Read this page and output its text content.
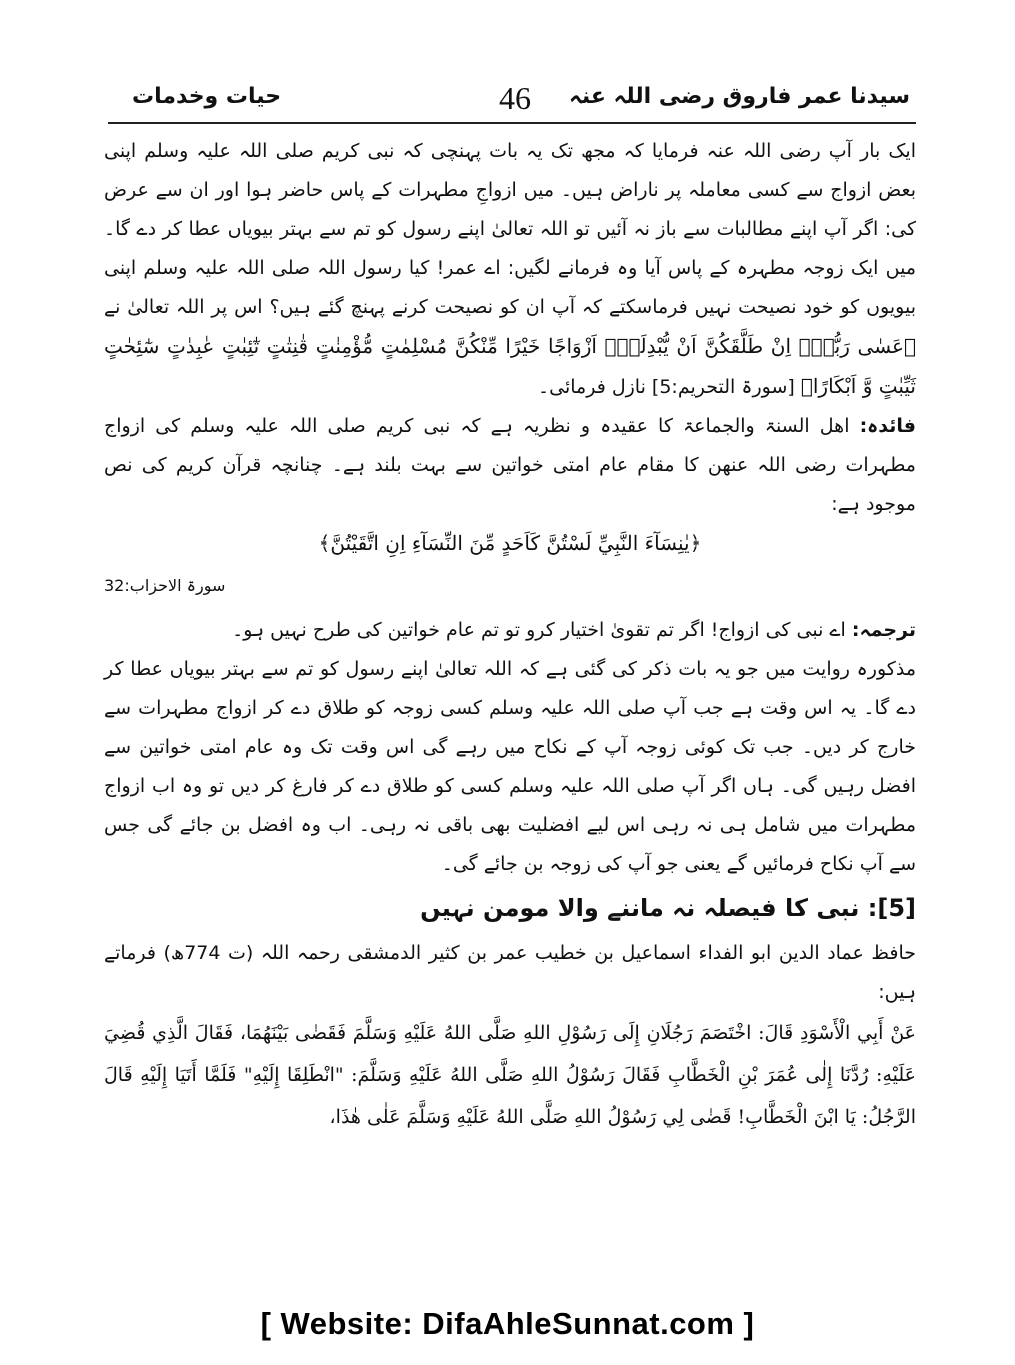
سیدنا عمر فاروق رضی اللہ عنہ
46
حیات وخدمات

ایک بار آپ رضی اللہ عنہ فرمایا کہ مجھ تک یہ بات پہنچی کہ نبی کریم صلی اللہ علیہ وسلم اپنی بعض ازواج سے کسی معاملہ پر ناراض ہیں۔ میں ازواجِ مطہرات کے پاس حاضر ہوا اور ان سے عرض کی: اگر آپ اپنے مطالبات سے باز نہ آئیں تو اللہ تعالیٰ اپنے رسول کو تم سے بہتر بیویاں عطا کر دے گا۔ میں ایک زوجہ مطہرہ کے پاس آیا وہ فرمانے لگیں: اے عمر! کیا رسول اللہ صلی اللہ علیہ وسلم اپنی بیویوں کو خود نصیحت نہیں فرماسکتے کہ آپ ان کو نصیحت کرنے پہنچ گئے ہیں؟ اس پر اللہ تعالیٰ نے ﴿عَسٰى رَبُّهٗۤ اِنْ طَلَّقَكُنَّ اَنْ يُّبْدِلَهٗۤ اَزْوَاجًا خَيْرًا مِّنْكُنَّ مُسْلِمٰتٍ مُّؤْمِنٰتٍ قٰنِتٰتٍ تٰٓئِبٰتٍ عٰبِدٰتٍ سٰٓئِحٰتٍ ثَيِّبٰتٍ وَّ اَبْكَارًا﴾ [سورۃ التحریم:5] نازل فرمائی۔

فائدہ: اھل السنۃ والجماعۃ کا عقیدہ و نظریہ ہے کہ نبی کریم صلی اللہ علیہ وسلم کی ازواج مطہرات رضی اللہ عنھن کا مقام عام امتی خواتین سے بہت بلند ہے۔ چنانچہ قرآن کریم کی نص موجود ہے:

﴿يٰنِسَآءَ النَّبِيِّ لَسْتُنَّ كَاَحَدٍ مِّنَ النِّسَآءِ اِنِ اتَّقَيْتُنَّ﴾

سورۃ الاحزاب:32

ترجمہ: اے نبی کی ازواج! اگر تم تقویٰ اختیار کرو تو تم عام خواتین کی طرح نہیں ہو۔

مذکورہ روایت میں جو یہ بات ذکر کی گئی ہے کہ اللہ تعالیٰ اپنے رسول کو تم سے بہتر بیویاں عطا کر دے گا۔ یہ اس وقت ہے جب آپ صلی اللہ علیہ وسلم کسی زوجہ کو طلاق دے کر ازواج مطہرات سے خارج کر دیں۔ جب تک کوئی زوجہ آپ کے نکاح میں رہے گی اس وقت تک وہ عام امتی خواتین سے افضل رہیں گی۔ ہاں اگر آپ صلی اللہ علیہ وسلم کسی کو طلاق دے کر فارغ کر دیں تو وہ اب ازواج مطہرات میں شامل ہی نہ رہی اس لیے افضلیت بھی باقی نہ رہی۔ اب وہ افضل بن جائے گی جس سے آپ نکاح فرمائیں گے یعنی جو آپ کی زوجہ بن جائے گی۔

[5]: نبی کا فیصلہ نہ ماننے والا مومن نہیں

حافظ عماد الدین ابو الفداء اسماعیل بن خطیب عمر بن کثیر الدمشقی رحمہ اللہ (ت 774ھ) فرماتے ہیں:

عَنْ أَبِي الْأَسْوَدِ قَالَ: اخْتَصَمَ رَجُلَانِ إِلَى رَسُوْلِ اللهِ صَلَّى اللهُ عَلَيْهِ وَسَلَّمَ فَقَضٰى بَيْنَهُمَا، فَقَالَ الَّذِي قُضِيَ عَلَيْهِ: رُدَّنَا إِلٰى عُمَرَ بْنِ الْخَطَّابِ فَقَالَ رَسُوْلُ اللهِ صَلَّى اللهُ عَلَيْهِ وَسَلَّمَ: "انْطَلِقَا إِلَيْهِ" فَلَمَّا أَتَيَا إِلَيْهِ قَالَ الرَّجُلُ: يَا ابْنَ الْخَطَّابِ! قَضٰى لِي رَسُوْلُ اللهِ صَلَّى اللهُ عَلَيْهِ وَسَلَّمَ عَلٰى هٰذَا،

[ Website: DifaAhleSunnat.com ]
